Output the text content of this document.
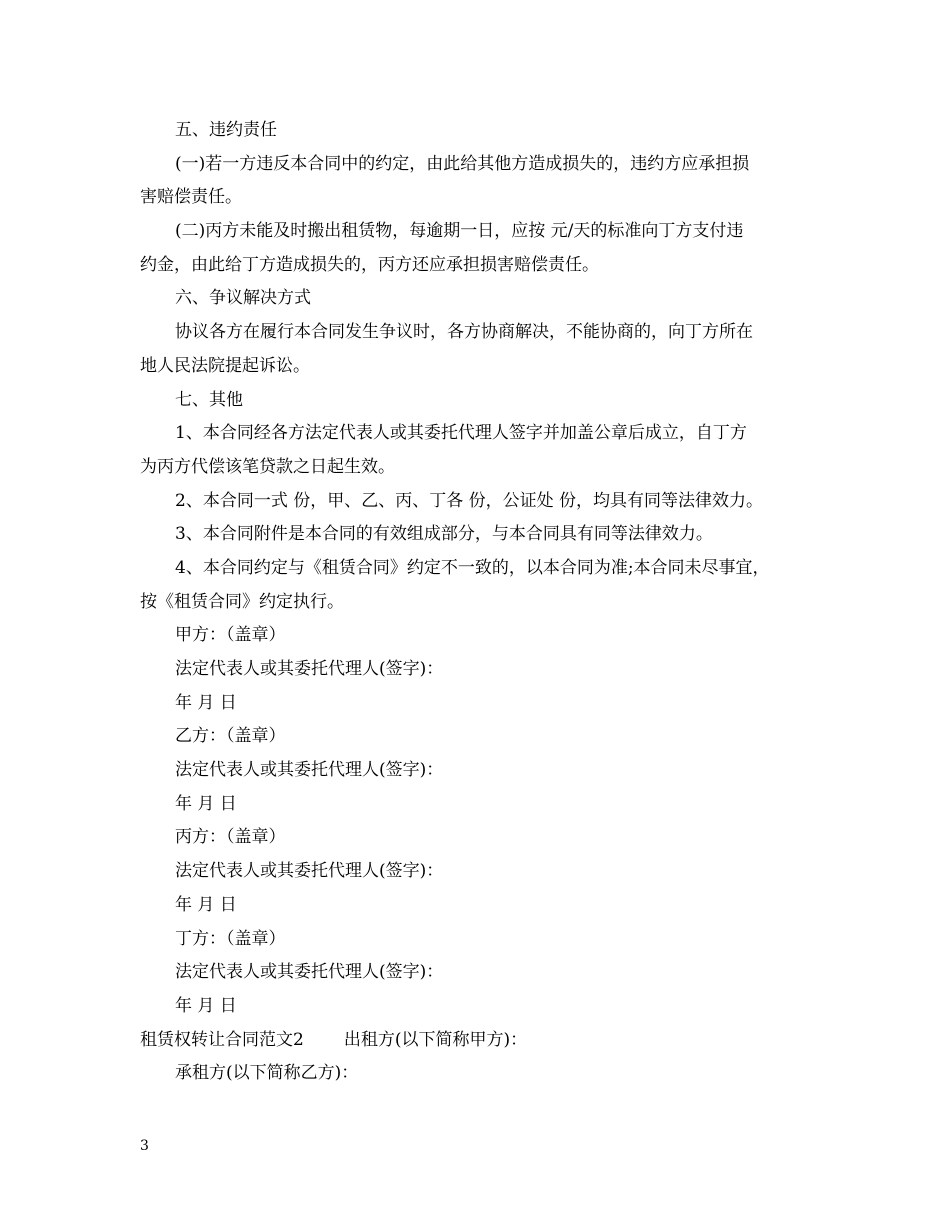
五、违约责任
(一)若一方违反本合同中的约定，由此给其他方造成损失的，违约方应承担损
害赔偿责任。
(二)丙方未能及时搬出租赁物，每逾期一日，应按 元/天的标准向丁方支付违
约金，由此给丁方造成损失的，丙方还应承担损害赔偿责任。
六、争议解决方式
协议各方在履行本合同发生争议时，各方协商解决，不能协商的，向丁方所在
地人民法院提起诉讼。
七、其他
1、本合同经各方法定代表人或其委托代理人签字并加盖公章后成立，自丁方
为丙方代偿该笔贷款之日起生效。
2、本合同一式 份，甲、乙、丙、丁各 份，公证处 份，均具有同等法律效力。
3、本合同附件是本合同的有效组成部分，与本合同具有同等法律效力。
4、本合同约定与《租赁合同》约定不一致的，以本合同为准;本合同未尽事宜，
按《租赁合同》约定执行。
甲方：（盖章）
法定代表人或其委托代理人(签字)：
年 月 日
乙方：（盖章）
法定代表人或其委托代理人(签字)：
年 月 日
丙方：（盖章）
法定代表人或其委托代理人(签字)：
年 月 日
丁方：（盖章）
法定代表人或其委托代理人(签字)：
年 月 日
租赁权转让合同范文2 出租方(以下简称甲方)：
承租方(以下简称乙方)：
3
